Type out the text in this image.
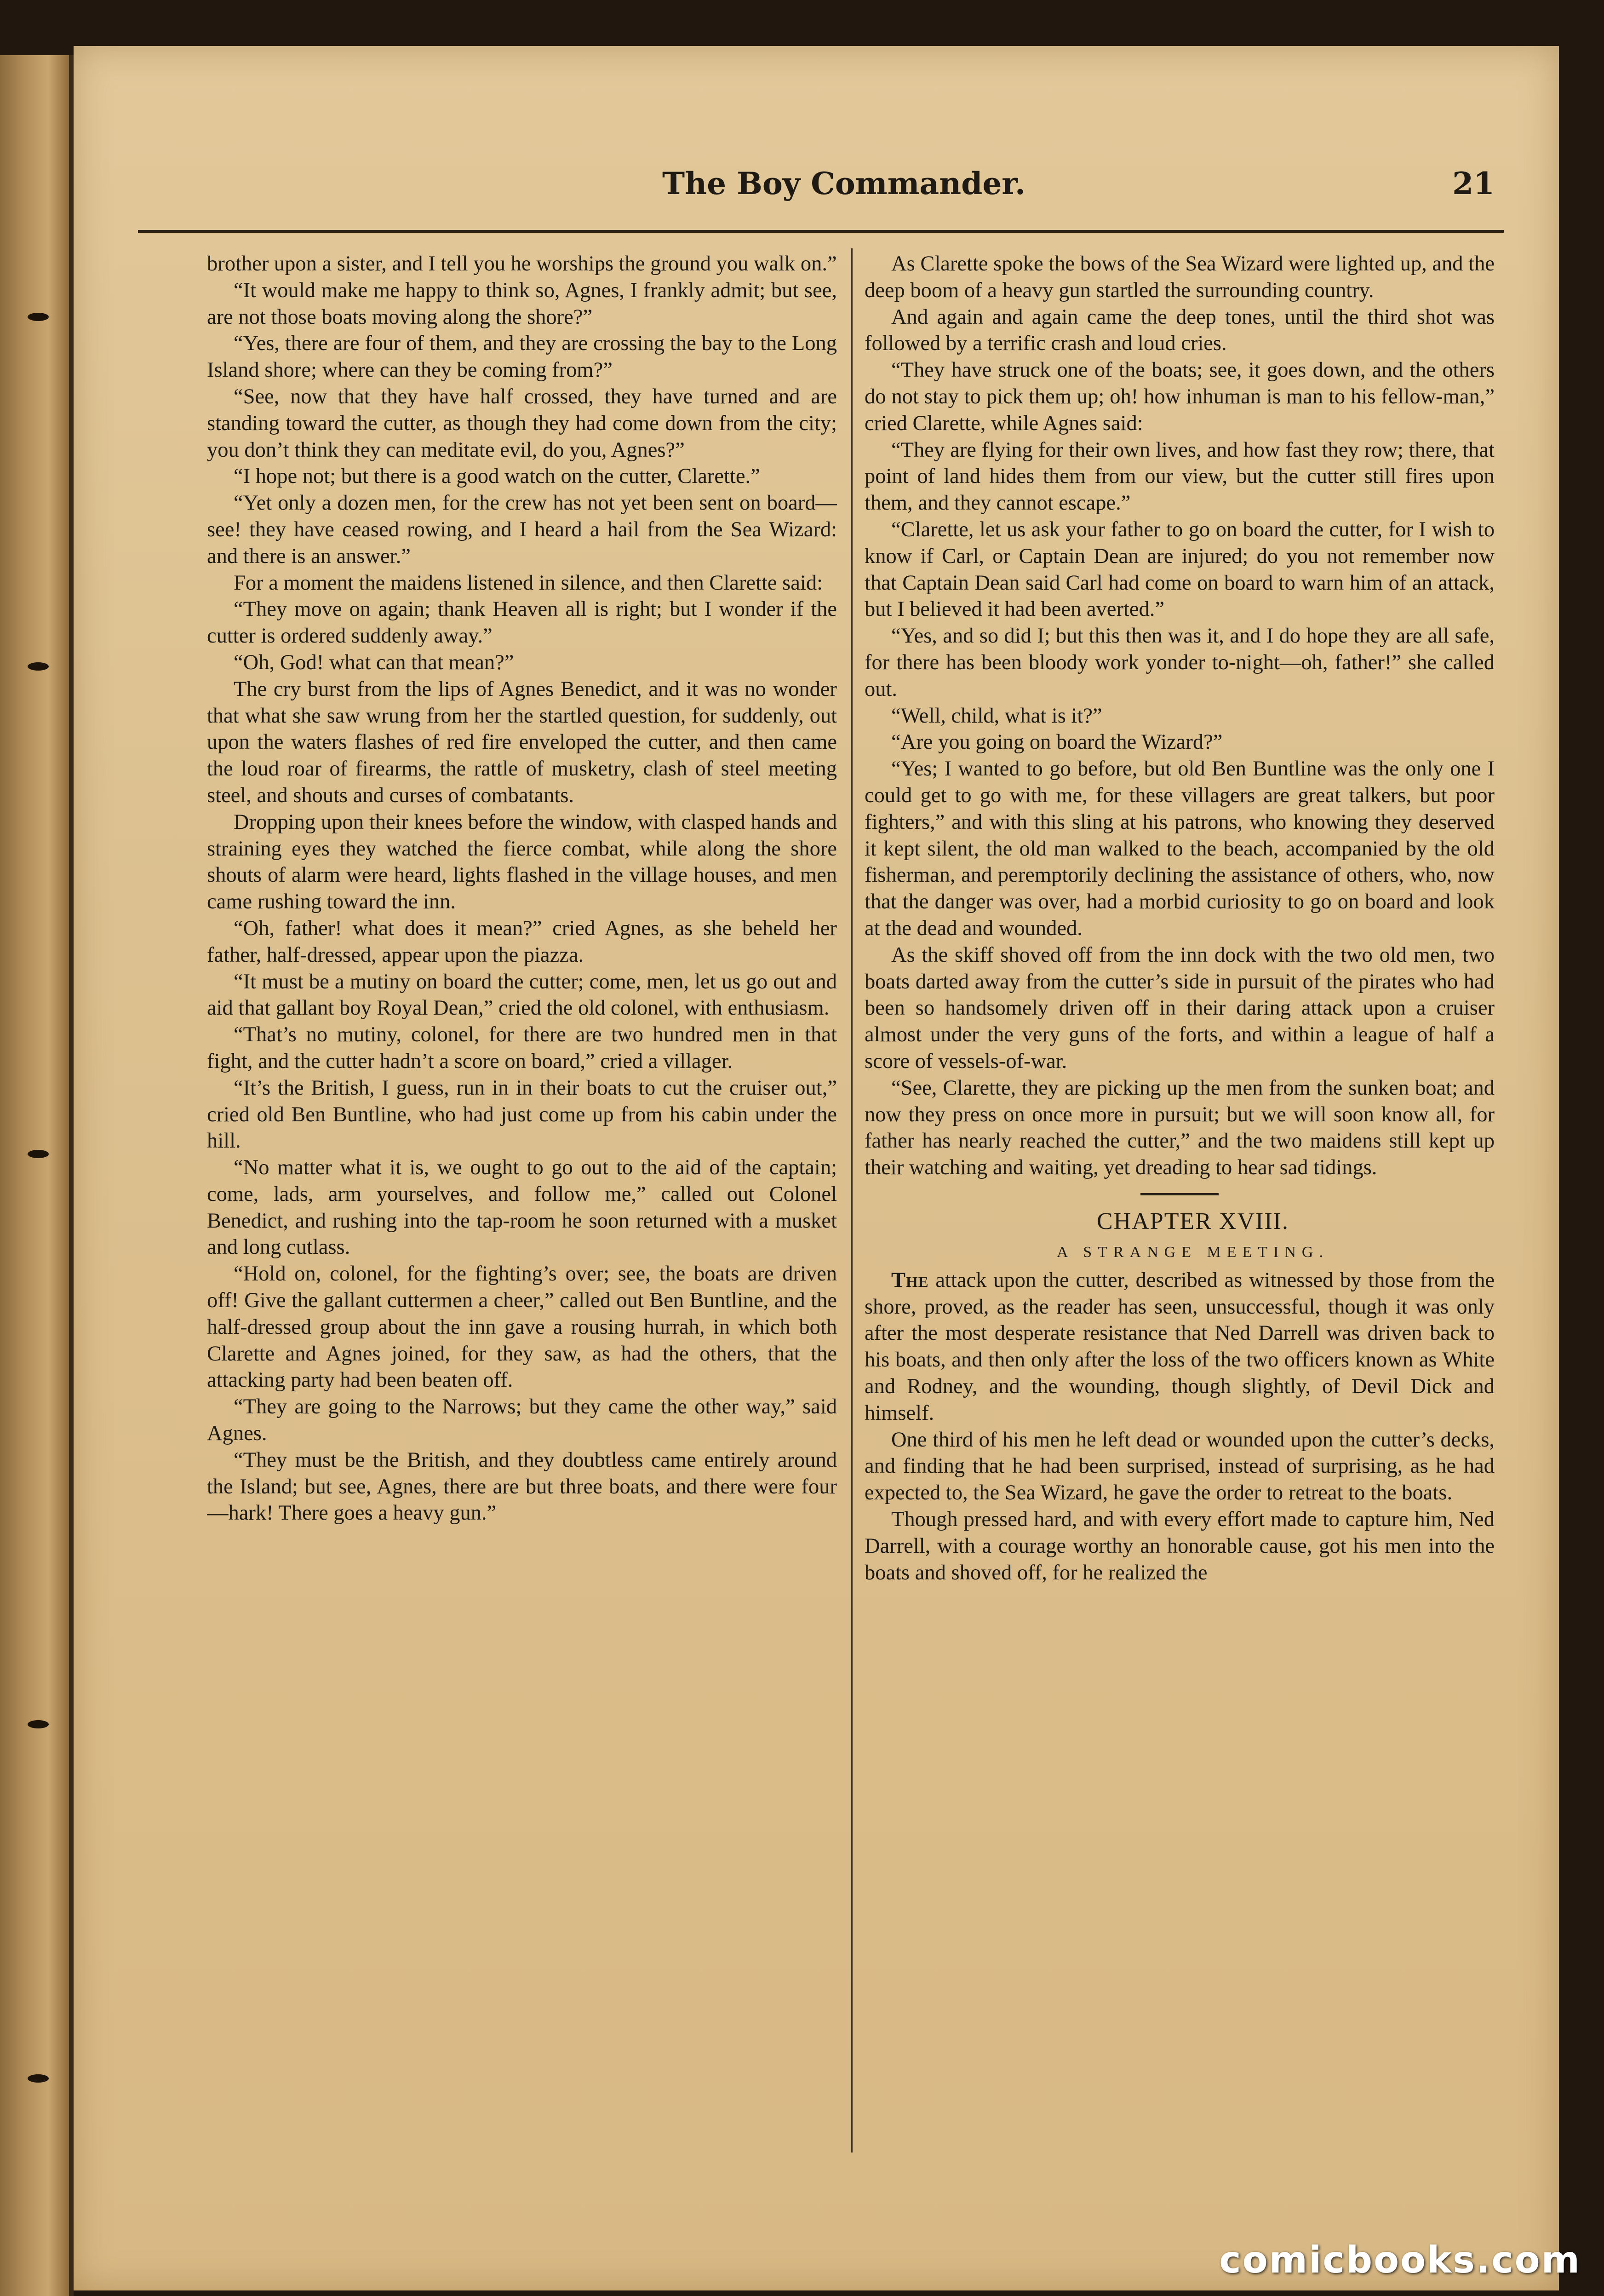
The Boy Commander.	21

brother upon a sister, and I tell you he worships the ground you walk on.”

“It would make me happy to think so, Agnes, I frankly admit; but see, are not those boats moving along the shore?”

“Yes, there are four of them, and they are crossing the bay to the Long Island shore; where can they be coming from?”

“See, now that they have half crossed, they have turned and are standing toward the cutter, as though they had come down from the city; you don’t think they can meditate evil, do you, Agnes?”

“I hope not; but there is a good watch on the cutter, Clarette.”

“Yet only a dozen men, for the crew has not yet been sent on board—see! they have ceased rowing, and I heard a hail from the Sea Wizard: and there is an answer.”

For a moment the maidens listened in silence, and then Clarette said:

“They move on again; thank Heaven all is right; but I wonder if the cutter is ordered suddenly away.”

“Oh, God! what can that mean?”

The cry burst from the lips of Agnes Benedict, and it was no wonder that what she saw wrung from her the startled question, for suddenly, out upon the waters flashes of red fire enveloped the cutter, and then came the loud roar of firearms, the rattle of musketry, clash of steel meeting steel, and shouts and curses of combatants.

Dropping upon their knees before the window, with clasped hands and straining eyes they watched the fierce combat, while along the shore shouts of alarm were heard, lights flashed in the village houses, and men came rushing toward the inn.

“Oh, father! what does it mean?” cried Agnes, as she beheld her father, half-dressed, appear upon the piazza.

“It must be a mutiny on board the cutter; come, men, let us go out and aid that gallant boy Royal Dean,” cried the old colonel, with enthusiasm.

“That’s no mutiny, colonel, for there are two hundred men in that fight, and the cutter hadn’t a score on board,” cried a villager.

“It’s the British, I guess, run in in their boats to cut the cruiser out,” cried old Ben Buntline, who had just come up from his cabin under the hill.

“No matter what it is, we ought to go out to the aid of the captain; come, lads, arm yourselves, and follow me,” called out Colonel Benedict, and rushing into the tap-room he soon returned with a musket and long cutlass.

“Hold on, colonel, for the fighting’s over; see, the boats are driven off! Give the gallant cuttermen a cheer,” called out Ben Buntline, and the half-dressed group about the inn gave a rousing hurrah, in which both Clarette and Agnes joined, for they saw, as had the others, that the attacking party had been beaten off.

“They are going to the Narrows; but they came the other way,” said Agnes.

“They must be the British, and they doubtless came entirely around the Island; but see, Agnes, there are but three boats, and there were four—hark! There goes a heavy gun.”

As Clarette spoke the bows of the Sea Wizard were lighted up, and the deep boom of a heavy gun startled the surrounding country.

And again and again came the deep tones, until the third shot was followed by a terrific crash and loud cries.

“They have struck one of the boats; see, it goes down, and the others do not stay to pick them up; oh! how inhuman is man to his fellow-man,” cried Clarette, while Agnes said:

“They are flying for their own lives, and how fast they row; there, that point of land hides them from our view, but the cutter still fires upon them, and they cannot escape.”

“Clarette, let us ask your father to go on board the cutter, for I wish to know if Carl, or Captain Dean are injured; do you not remember now that Captain Dean said Carl had come on board to warn him of an attack, but I believed it had been averted.”

“Yes, and so did I; but this then was it, and I do hope they are all safe, for there has been bloody work yonder to-night—oh, father!” she called out.

“Well, child, what is it?”

“Are you going on board the Wizard?”

“Yes; I wanted to go before, but old Ben Buntline was the only one I could get to go with me, for these villagers are great talkers, but poor fighters,” and with this sling at his patrons, who knowing they deserved it kept silent, the old man walked to the beach, accompanied by the old fisherman, and peremptorily declining the assistance of others, who, now that the danger was over, had a morbid curiosity to go on board and look at the dead and wounded.

As the skiff shoved off from the inn dock with the two old men, two boats darted away from the cutter’s side in pursuit of the pirates who had been so handsomely driven off in their daring attack upon a cruiser almost under the very guns of the forts, and within a league of half a score of vessels-of-war.

“See, Clarette, they are picking up the men from the sunken boat; and now they press on once more in pursuit; but we will soon know all, for father has nearly reached the cutter,” and the two maidens still kept up their watching and waiting, yet dreading to hear sad tidings.

CHAPTER XVIII.

A STRANGE MEETING.

The attack upon the cutter, described as witnessed by those from the shore, proved, as the reader has seen, unsuccessful, though it was only after the most desperate resistance that Ned Darrell was driven back to his boats, and then only after the loss of the two officers known as White and Rodney, and the wounding, though slightly, of Devil Dick and himself.

One third of his men he left dead or wounded upon the cutter’s decks, and finding that he had been surprised, instead of surprising, as he had expected to, the Sea Wizard, he gave the order to retreat to the boats.

Though pressed hard, and with every effort made to capture him, Ned Darrell, with a courage worthy an honorable cause, got his men into the boats and shoved off, for he realized the

comicbooks.com
